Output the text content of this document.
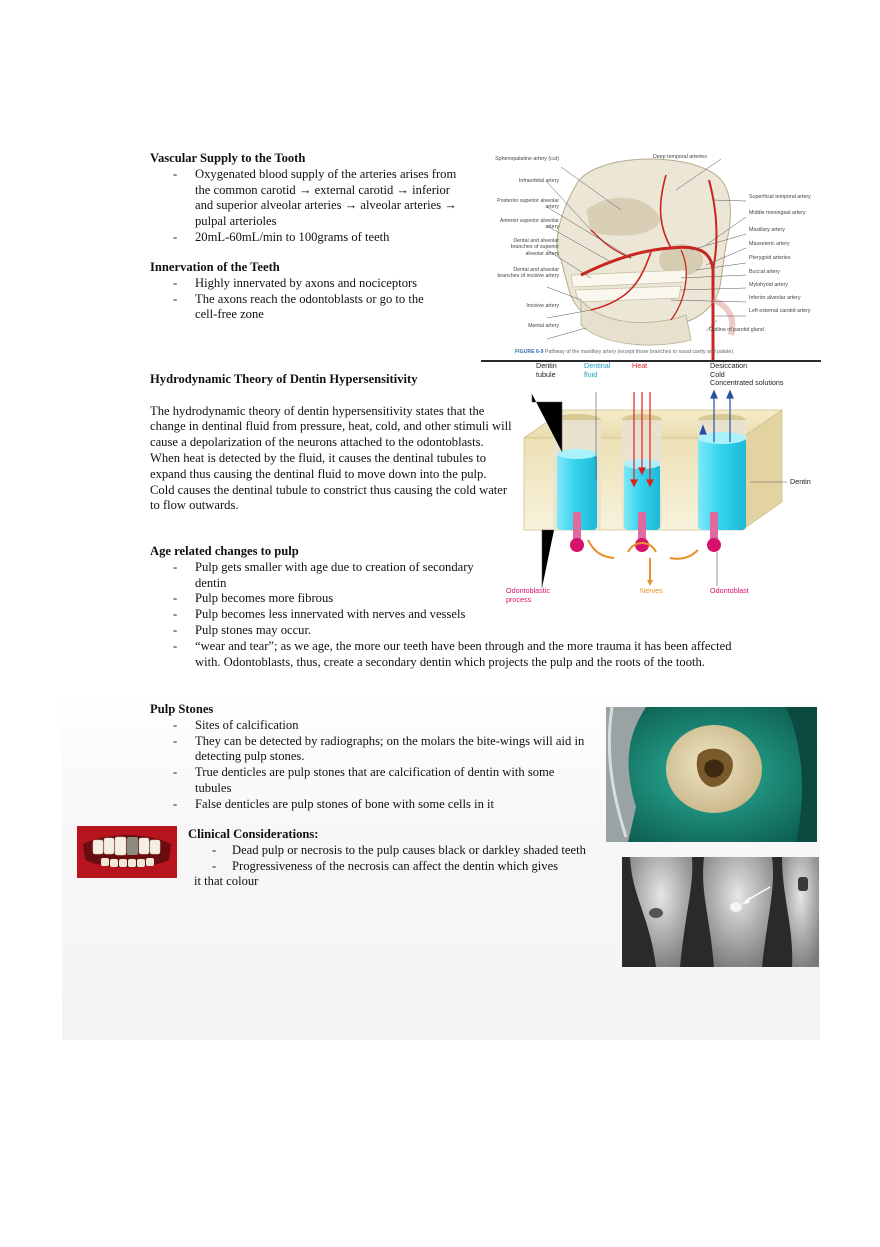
Vascular Supply to the Tooth
- Oxygenated blood supply of the arteries arises from the common carotid → external carotid → inferior and superior alveolar arteries → alveolar arteries → pulpal arterioles
- 20mL-60mL/min to 100grams of teeth
Innervation of the Teeth
- Highly innervated by axons and nociceptors
- The axons reach the odontoblasts or go to the cell-free zone
Hydrodynamic Theory of Dentin Hypersensitivity

The hydrodynamic theory of dentin hypersensitivity states that the change in dentinal fluid from pressure, heat, cold, and other stimuli will cause a depolarization of the neurons attached to the odontoblasts. When heat is detected by the fluid, it causes the dentinal tubules to expand thus causing the dentinal fluid to move down into the pulp. Cold causes the dentinal tubule to constrict thus causing the cold water to flow outwards.

Age related changes to pulp
- Pulp gets smaller with age due to creation of secondary dentin
- Pulp becomes more fibrous
- Pulp becomes less innervated with nerves and vessels
- Pulp stones may occur.
- “wear and tear”; as we age, the more our teeth have been through and the more trauma it has been affected with. Odontoblasts, thus, create a secondary dentin which projects the pulp and the roots of the tooth.
Pulp Stones
- Sites of calcification
- They can be detected by radiographs; on the molars the bite-wings will aid in detecting pulp stones.
- True denticles are pulp stones that are calcification of dentin with some tubules
- False denticles are pulp stones of bone with some cells in it
Clinical Considerations:
- Dead pulp or necrosis to the pulp causes black or darkley shaded teeth
- Progressiveness of the necrosis can affect the dentin which gives
it that colour
Sphenopalatine artery (cut)
Infraorbital artery
Posterior superior alveolar artery
Anterior superior alveolar artery
Dental and alveolar branches of superior alveolar artery
Dental and alveolar branches of incisive artery
Incisive artery
Mental artery
Deep temporal arteries
Superficial temporal artery
Middle meningeal artery
Maxillary artery
Masseteric artery
Pterygoid arteries
Buccal artery
Mylohyoid artery
Inferior alveolar artery
Left external carotid artery
Outline of parotid gland
FIGURE 6-9 Pathway of the maxillary artery (except those branches to nasal cavity and palate).
Dentin tubule
Dentinal fluid
Heat	Desiccation
Cold
Concentrated solutions
Dentin
Odontoblastic process
Nerves	Odontoblast
